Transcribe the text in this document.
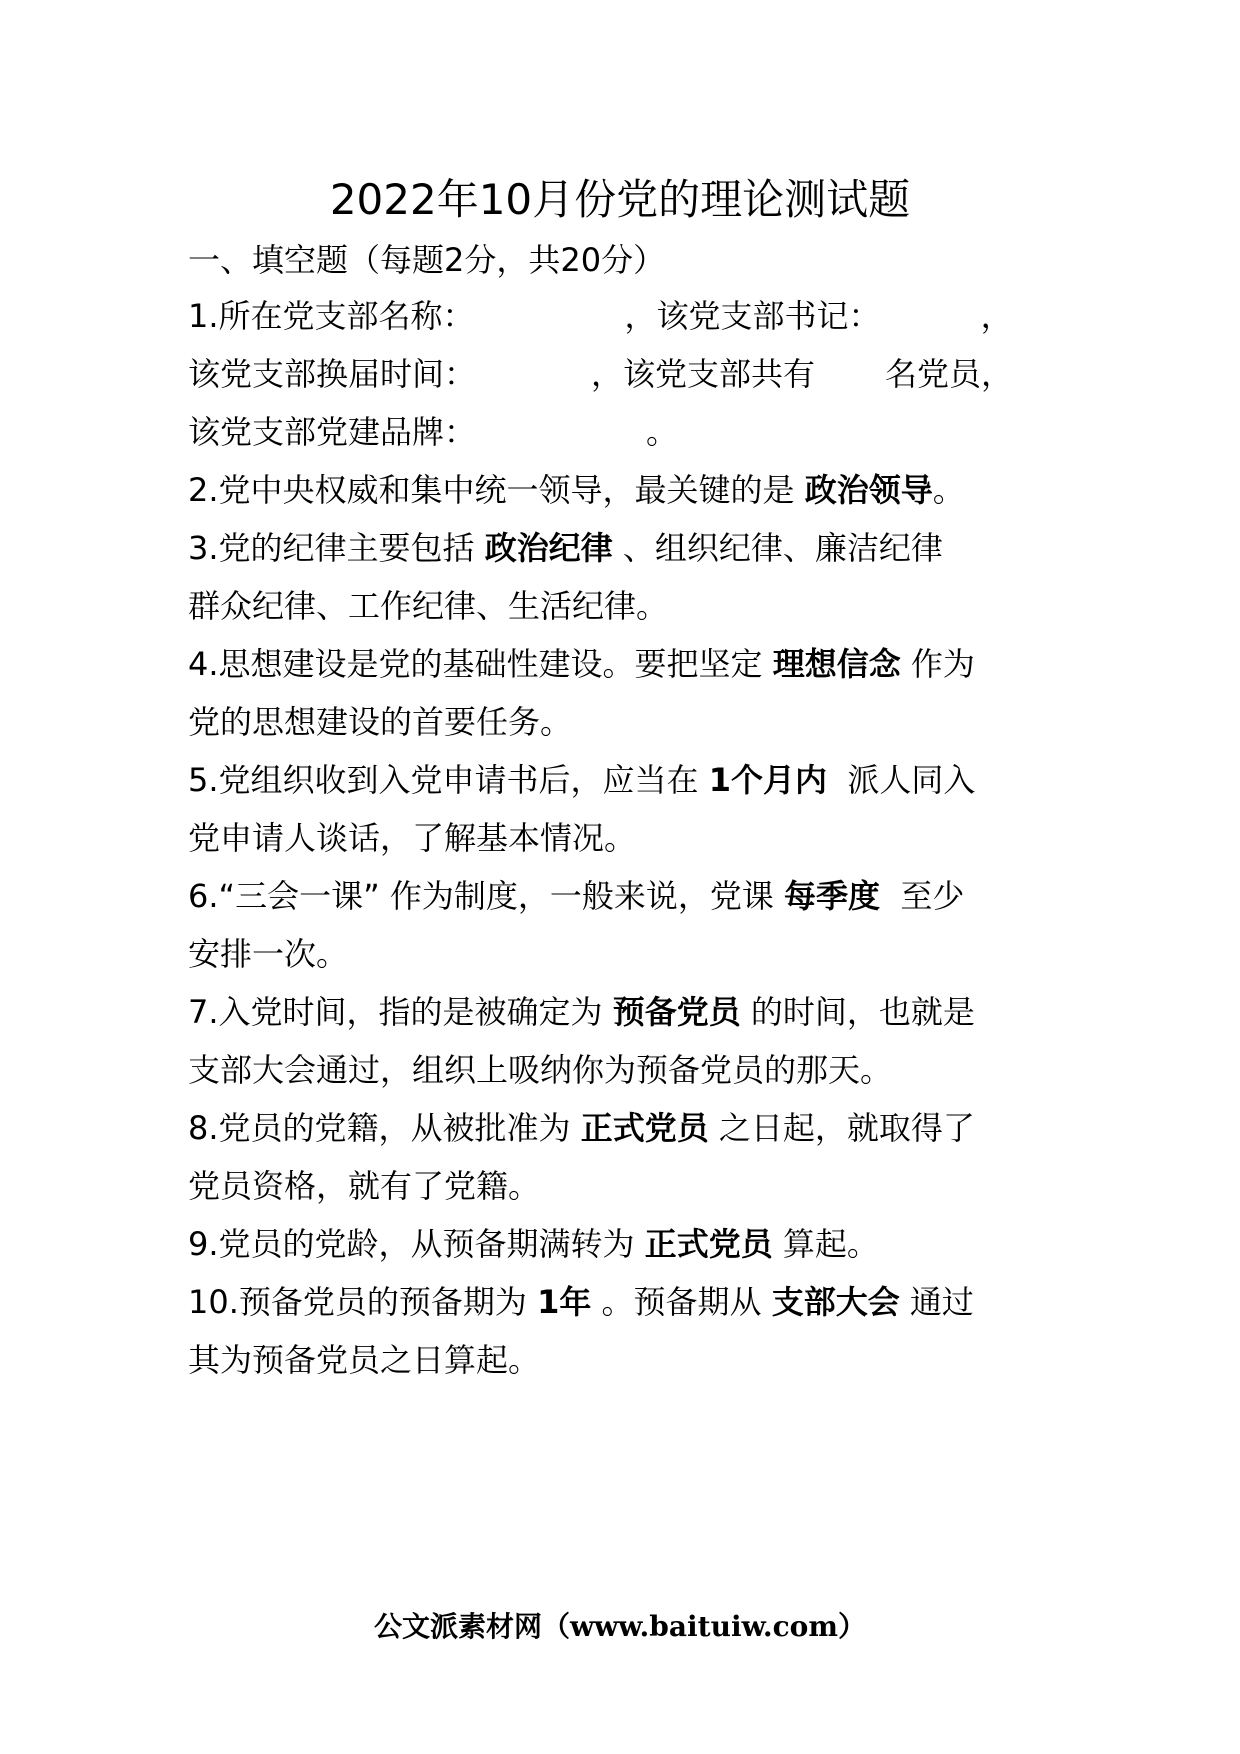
2022年10月份党的理论测试题
一、填空题（每题2分，共20分）
1.所在党支部名称：	，该党支部书记：	，
该党支部换届时间：	，该党支部共有 名党员，
该党支部党建品牌：	。
2.党中央权威和集中统一领导，最关键的是 政治领导。
3.党的纪律主要包括 政治纪律 、组织纪律、廉洁纪律
群众纪律、工作纪律、生活纪律。
4.思想建设是党的基础性建设。要把坚定 理想信念 作为
党的思想建设的首要任务。
5.党组织收到入党申请书后，应当在 1个月内  派人同入
党申请人谈话，了解基本情况。
6.“三会一课” 作为制度，一般来说，党课 每季度  至少
安排一次。
7.入党时间，指的是被确定为 预备党员 的时间，也就是
支部大会通过，组织上吸纳你为预备党员的那天。
8.党员的党籍，从被批准为 正式党员 之日起，就取得了
党员资格，就有了党籍。
9.党员的党龄，从预备期满转为 正式党员 算起。
10.预备党员的预备期为 1年 。预备期从 支部大会 通过
其为预备党员之日算起。
公文派素材网（www.baituiw.com）
